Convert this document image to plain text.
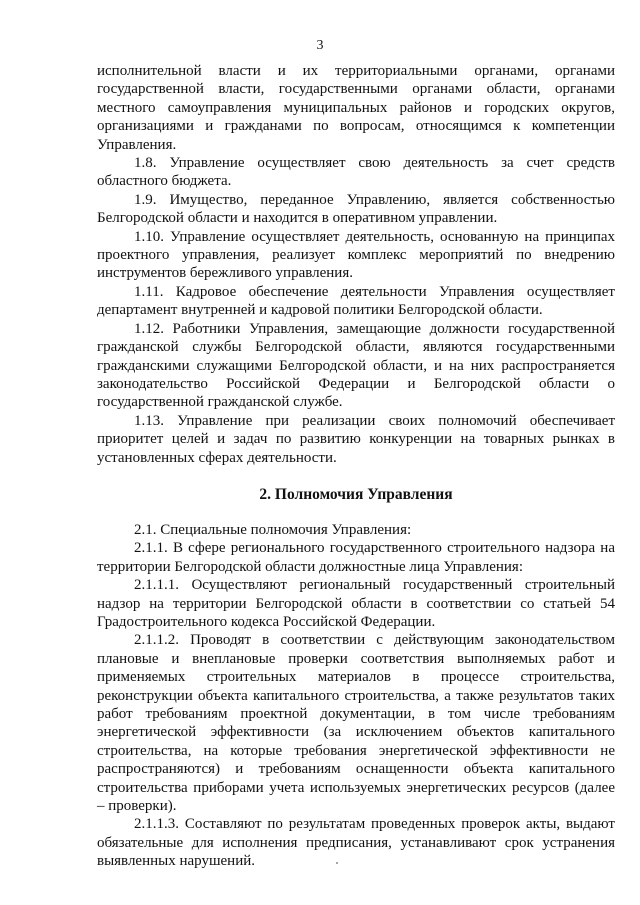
3

исполнительной власти и их территориальными органами, органами государственной власти, государственными органами области, органами местного самоуправления муниципальных районов и городских округов, организациями и гражданами по вопросам, относящимся к компетенции Управления.

1.8. Управление осуществляет свою деятельность за счет средств областного бюджета.

1.9. Имущество, переданное Управлению, является собственностью Белгородской области и находится в оперативном управлении.

1.10. Управление осуществляет деятельность, основанную на принципах проектного управления, реализует комплекс мероприятий по внедрению инструментов бережливого управления.

1.11. Кадровое обеспечение деятельности Управления осуществляет департамент внутренней и кадровой политики Белгородской области.

1.12. Работники Управления, замещающие должности государственной гражданской службы Белгородской области, являются государственными гражданскими служащими Белгородской области, и на них распространяется законодательство Российской Федерации и Белгородской области о государственной гражданской службе.

1.13. Управление при реализации своих полномочий обеспечивает приоритет целей и задач по развитию конкуренции на товарных рынках в установленных сферах деятельности.

2. Полномочия Управления

2.1. Специальные полномочия Управления:

2.1.1. В сфере регионального государственного строительного надзора на территории Белгородской области должностные лица Управления:

2.1.1.1. Осуществляют региональный государственный строительный надзор на территории Белгородской области в соответствии со статьей 54 Градостроительного кодекса Российской Федерации.

2.1.1.2. Проводят в соответствии с действующим законодательством плановые и внеплановые проверки соответствия выполняемых работ и применяемых строительных материалов в процессе строительства, реконструкции объекта капитального строительства, а также результатов таких работ требованиям проектной документации, в том числе требованиям энергетической эффективности (за исключением объектов капитального строительства, на которые требования энергетической эффективности не распространяются) и требованиям оснащенности объекта капитального строительства приборами учета используемых энергетических ресурсов (далее – проверки).

2.1.1.3. Составляют по результатам проведенных проверок акты, выдают обязательные для исполнения предписания, устанавливают срок устранения выявленных нарушений.
